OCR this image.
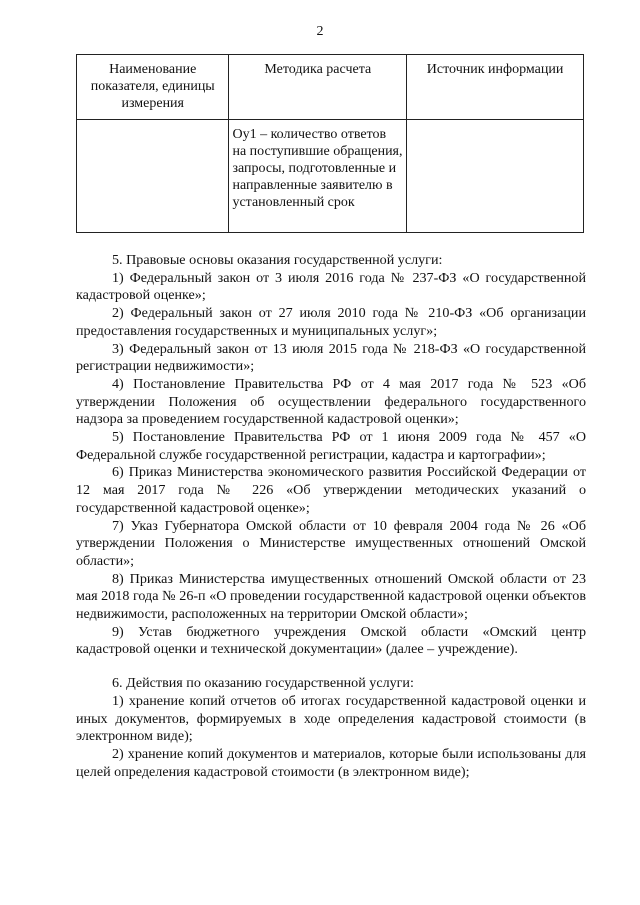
2
Наименование показателя, единицы измерения	Методика расчета	Источник информации
	Оу1 – количество ответов на поступившие обращения, запросы, подготовленные и направленные заявителю в установленный срок	

5. Правовые основы оказания государственной услуги:

1) Федеральный закон от 3 июля 2016 года № 237-ФЗ «О государственной кадастровой оценке»;

2) Федеральный закон от 27 июля 2010 года № 210-ФЗ «Об организации предоставления государственных и муниципальных услуг»;

3) Федеральный закон от 13 июля 2015 года № 218-ФЗ «О государственной регистрации недвижимости»;

4) Постановление Правительства РФ от 4 мая 2017 года № 523 «Об утверждении Положения об осуществлении федерального государственного надзора за проведением государственной кадастровой оценки»;

5) Постановление Правительства РФ от 1 июня 2009 года № 457 «О Федеральной службе государственной регистрации, кадастра и картографии»;

6) Приказ Министерства экономического развития Российской Федерации от 12 мая 2017 года № 226 «Об утверждении методических указаний о государственной кадастровой оценке»;

7) Указ Губернатора Омской области от 10 февраля 2004 года № 26 «Об утверждении Положения о Министерстве имущественных отношений Омской области»;

8) Приказ Министерства имущественных отношений Омской области от 23 мая 2018 года № 26-п «О проведении государственной кадастровой оценки объектов недвижимости, расположенных на территории Омской области»;

9) Устав бюджетного учреждения Омской области «Омский центр кадастровой оценки и технической документации» (далее – учреждение).

6. Действия по оказанию государственной услуги:

1) хранение копий отчетов об итогах государственной кадастровой оценки и иных документов, формируемых в ходе определения кадастровой стоимости (в электронном виде);

2) хранение копий документов и материалов, которые были использованы для целей определения кадастровой стоимости (в электронном виде);
